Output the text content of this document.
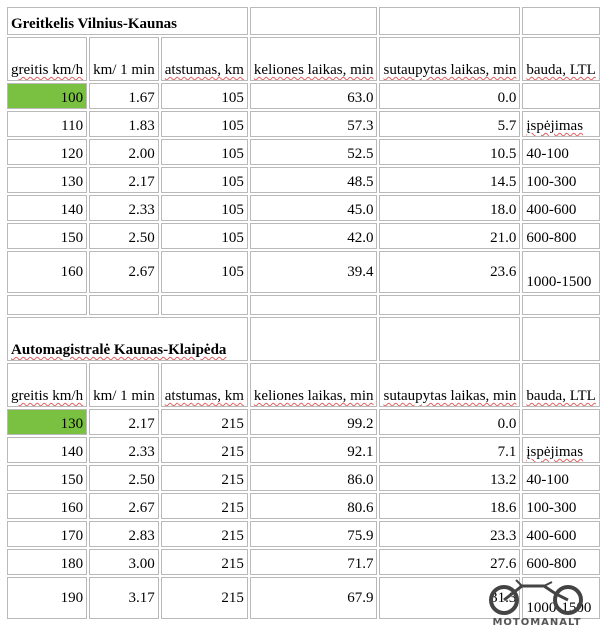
Greitkelis Vilnius-Kaunas					
greitis km/h	km/ 1 min	atstumas, km	keliones laikas, min	sutaupytas laikas, min	bauda, LTL
100	1.67	105	63.0	0.0	
110	1.83	105	57.3	5.7	įspėjimas
120	2.00	105	52.5	10.5	40-100
130	2.17	105	48.5	14.5	100-300
140	2.33	105	45.0	18.0	400-600
150	2.50	105	42.0	21.0	600-800
160	2.67	105	39.4	23.6	1000-1500

Automagistralė Kaunas-Klaipėda					
greitis km/h	km/ 1 min	atstumas, km	keliones laikas, min	sutaupytas laikas, min	bauda, LTL
130	2.17	215	99.2	0.0	
140	2.33	215	92.1	7.1	įspėjimas
150	2.50	215	86.0	13.2	40-100
160	2.67	215	80.6	18.6	100-300
170	2.83	215	75.9	23.3	400-600
180	3.00	215	71.7	27.6	600-800
190	3.17	215	67.9	31.3	1000-1500
MOTOMANALT
